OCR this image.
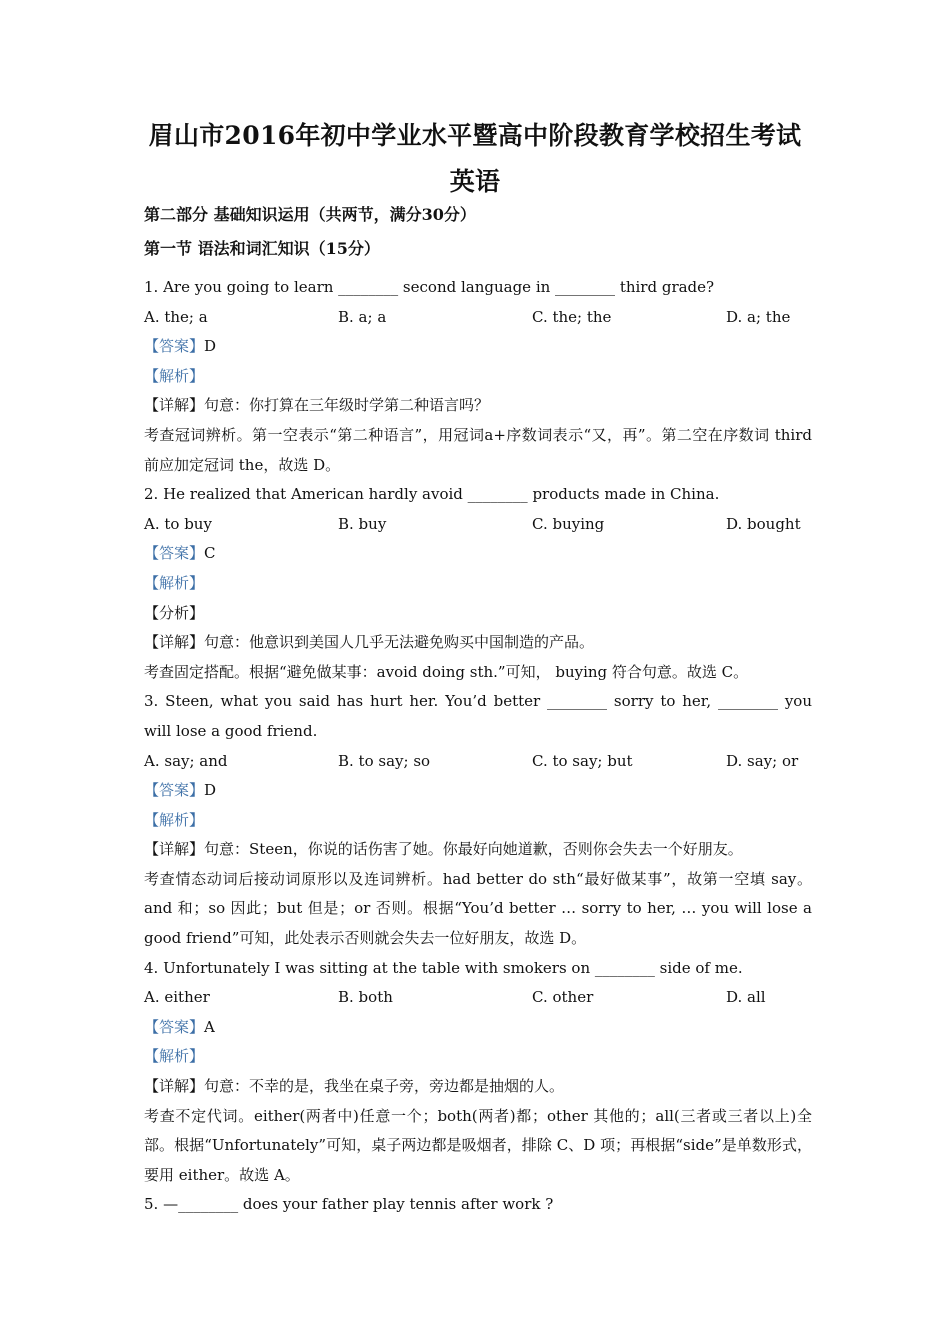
眉山市2016年初中学业水平暨高中阶段教育学校招生考试
英语
第二部分 基础知识运用（共两节，满分30分）
第一节 语法和词汇知识（15分）
1. Are you going to learn ________ second language in ________ third grade?
A. the; a	B. a; a	C. the; the	D. a; the
【答案】D
【解析】
【详解】句意：你打算在三年级时学第二种语言吗？
考查冠词辨析。第一空表示“第二种语言”，用冠词a+序数词表示“又，再”。第二空在序数词 third 前应加定冠词 the，故选 D。
2. He realized that American hardly avoid ________ products made in China.
A. to buy	B. buy	C. buying	D. bought
【答案】C
【解析】
【分析】
【详解】句意：他意识到美国人几乎无法避免购买中国制造的产品。
考查固定搭配。根据“避免做某事：avoid doing sth.”可知， buying 符合句意。故选 C。
3. Steen, what you said has hurt her. You’d better ________ sorry to her, ________ you will lose a good friend.
A. say; and	B. to say; so	C. to say; but	D. say; or
【答案】D
【解析】
【详解】句意：Steen，你说的话伤害了她。你最好向她道歉，否则你会失去一个好朋友。
考查情态动词后接动词原形以及连词辨析。had better do sth“最好做某事”，故第一空填 say。and 和；so 因此；but 但是；or 否则。根据“You’d better … sorry to her, … you will lose a good friend”可知，此处表示否则就会失去一位好朋友，故选 D。
4. Unfortunately I was sitting at the table with smokers on ________ side of me.
A. either	B. both	C. other	D. all
【答案】A
【解析】
【详解】句意：不幸的是，我坐在桌子旁，旁边都是抽烟的人。
考查不定代词。either(两者中)任意一个；both(两者)都；other 其他的；all(三者或三者以上)全部。根据“Unfortunately”可知，桌子两边都是吸烟者，排除 C、D 项；再根据“side”是单数形式，要用 either。故选 A。
5. —________ does your father play tennis after work ?
